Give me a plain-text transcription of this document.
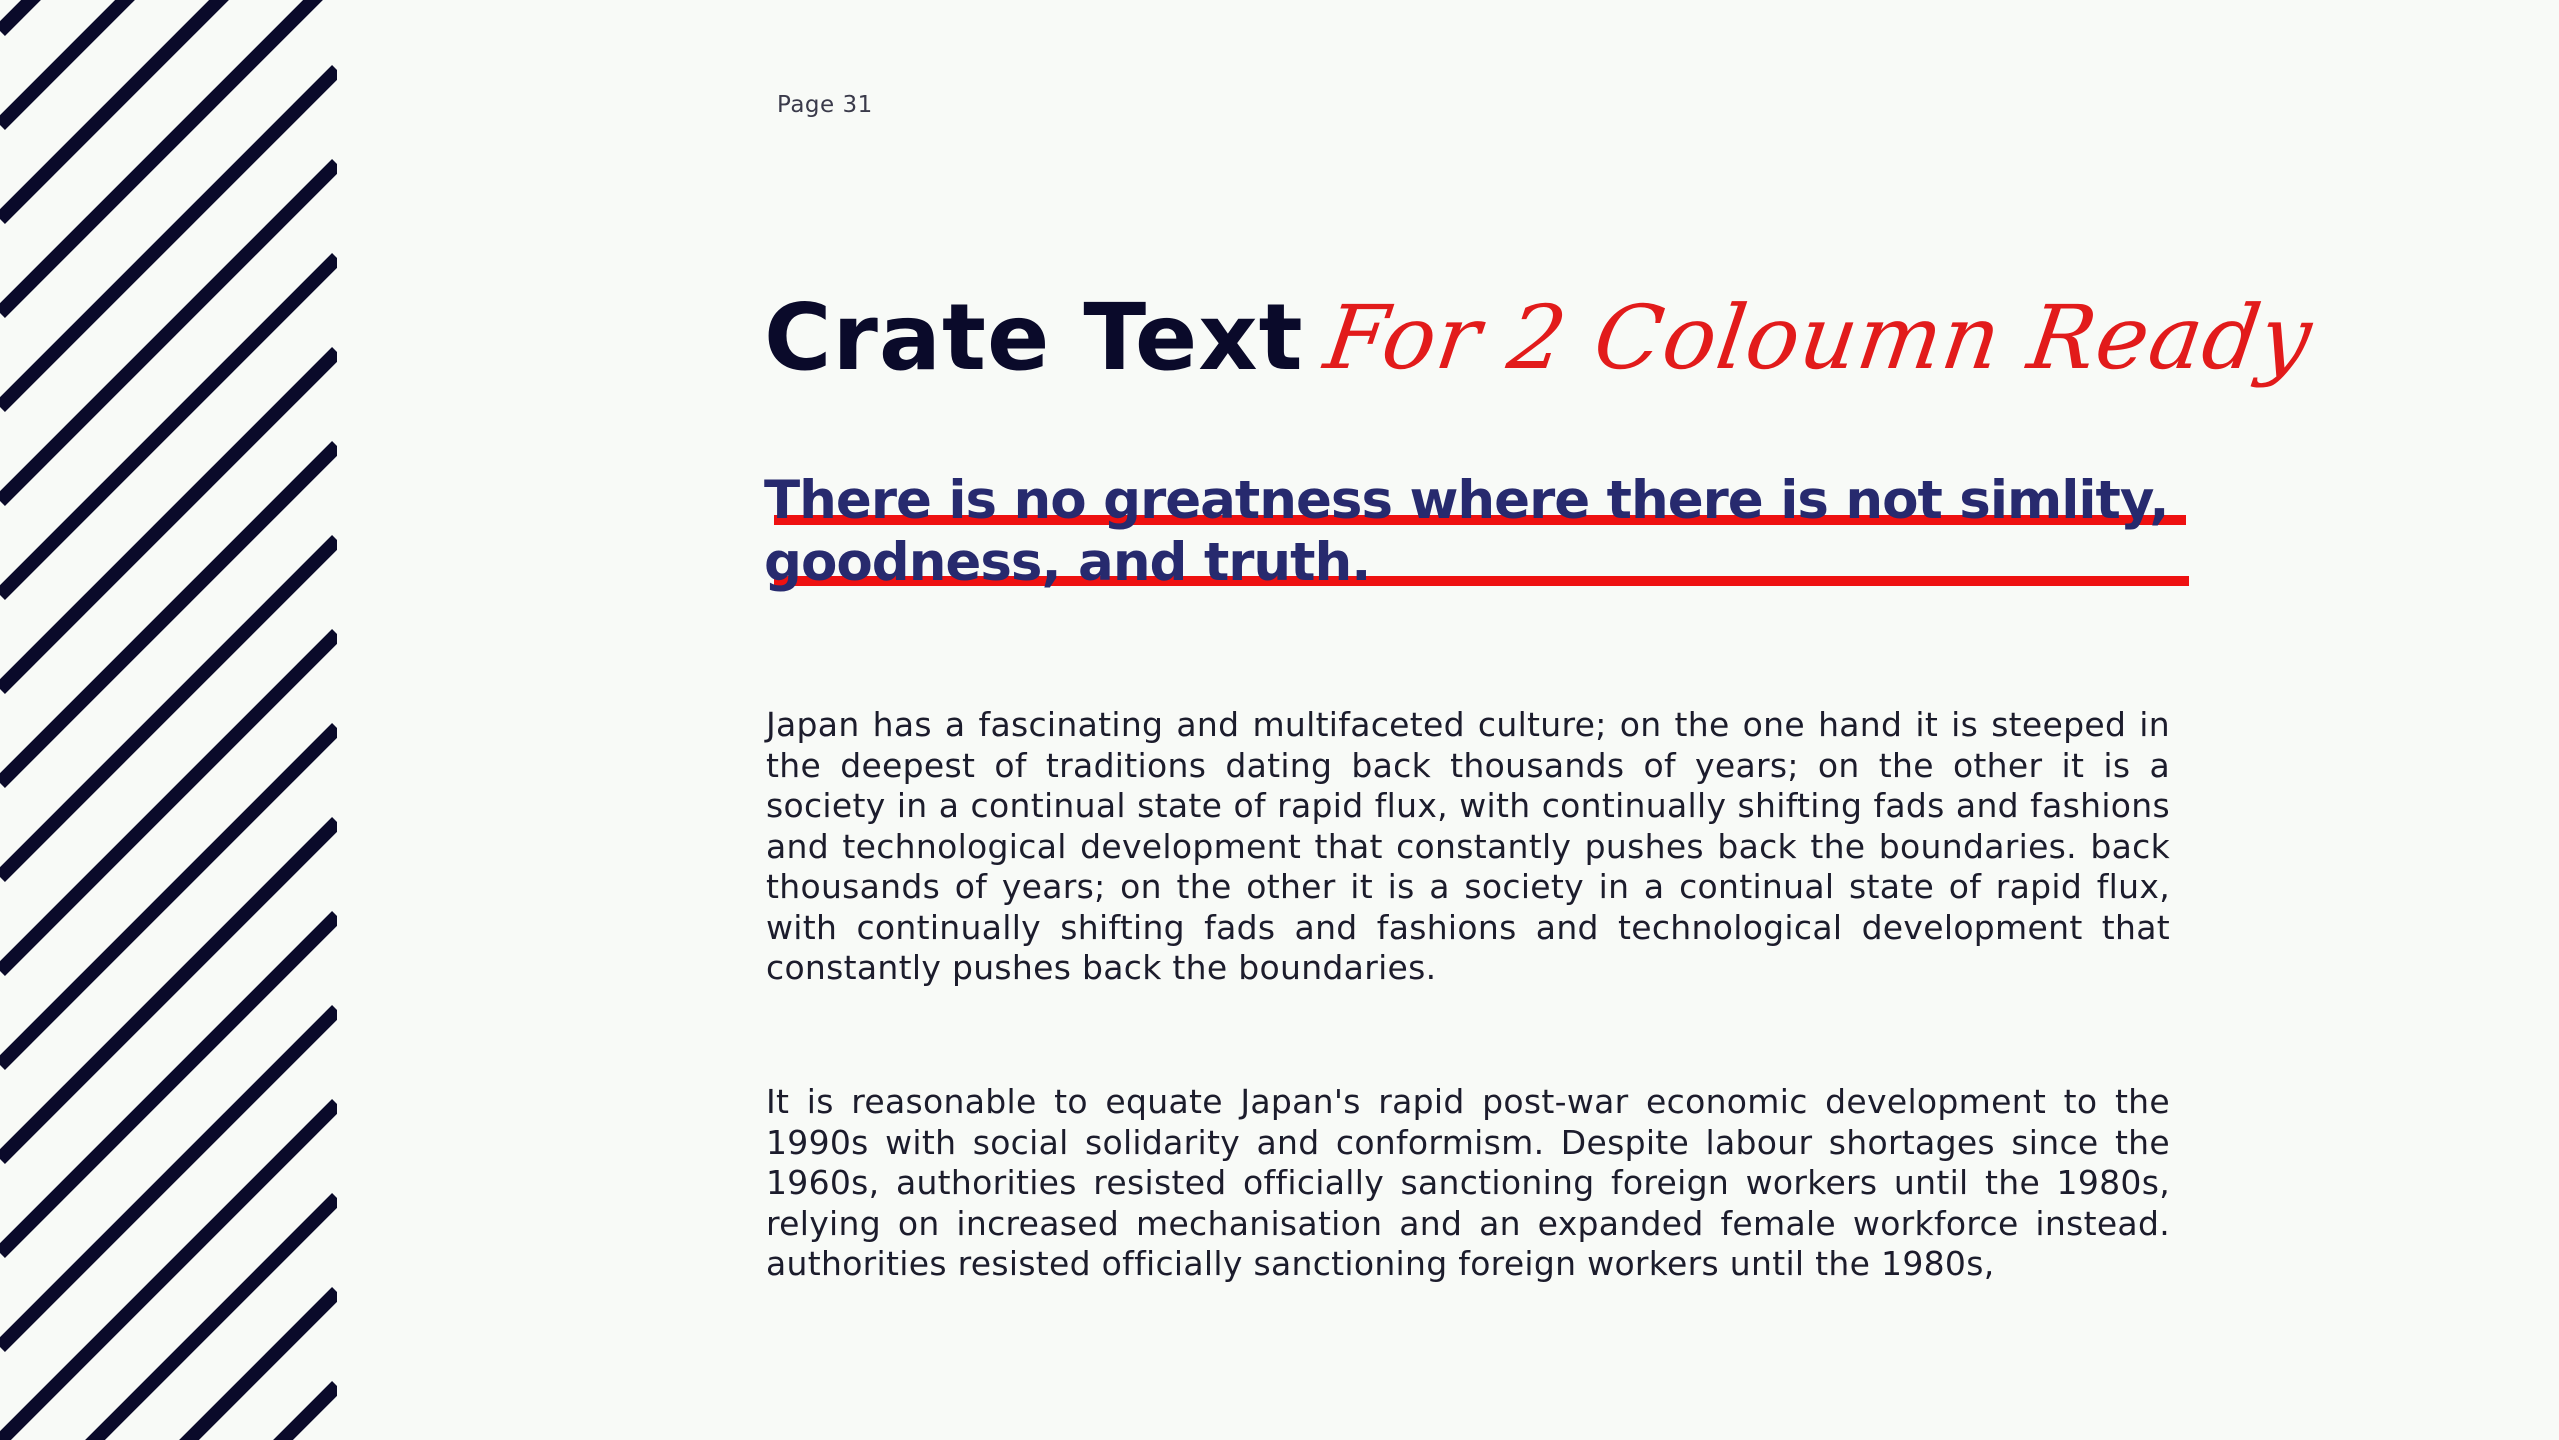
Page 31

Crate Text For 2 Coloumn Ready

There is no greatness where there is not simlity, goodness, and truth.

Japan has a fascinating and multifaceted culture; on the one hand it is steeped in the deepest of traditions dating back thousands of years; on the other it is a society in a continual state of rapid flux, with continually shifting fads and fashions and technological development that constantly pushes back the boundaries. back thousands of years; on the other it is a society in a continual state of rapid flux, with continually shifting fads and fashions and technological development that constantly pushes back the boundaries.

It is reasonable to equate Japan's rapid post-war economic development to the 1990s with social solidarity and conformism. Despite labour shortages since the 1960s, authorities resisted officially sanctioning foreign workers until the 1980s, relying on increased mechanisation and an expanded female workforce instead. authorities resisted officially sanctioning foreign workers until the 1980s,
